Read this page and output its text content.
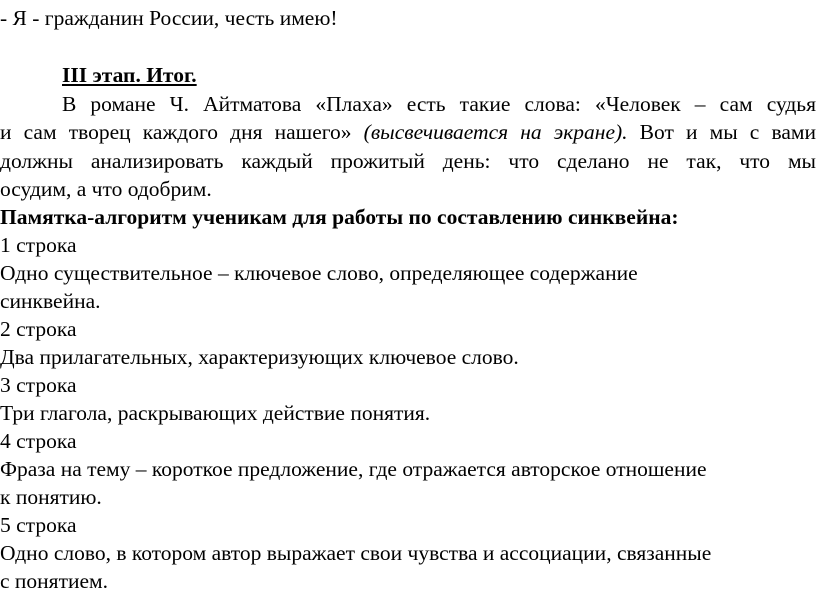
- Я - гражданин России, честь имею!
III этап. Итог.
В романе Ч. Айтматова «Плаха» есть такие слова: «Человек – сам судья
и сам творец каждого дня нашего» (высвечивается на экране). Вот и мы с вами
должны анализировать каждый прожитый день: что сделано не так, что мы
осудим, а что одобрим.
Памятка-алгоритм ученикам для работы по составлению синквейна:
1 строка
Одно существительное – ключевое слово, определяющее содержание
синквейна.
2 строка
Два прилагательных, характеризующих ключевое слово.
3 строка
Три глагола, раскрывающих действие понятия.
4 строка
Фраза на тему – короткое предложение, где отражается авторское отношение
к понятию.
5 строка
Одно слово, в котором автор выражает свои чувства и ассоциации, связанные
с понятием.
